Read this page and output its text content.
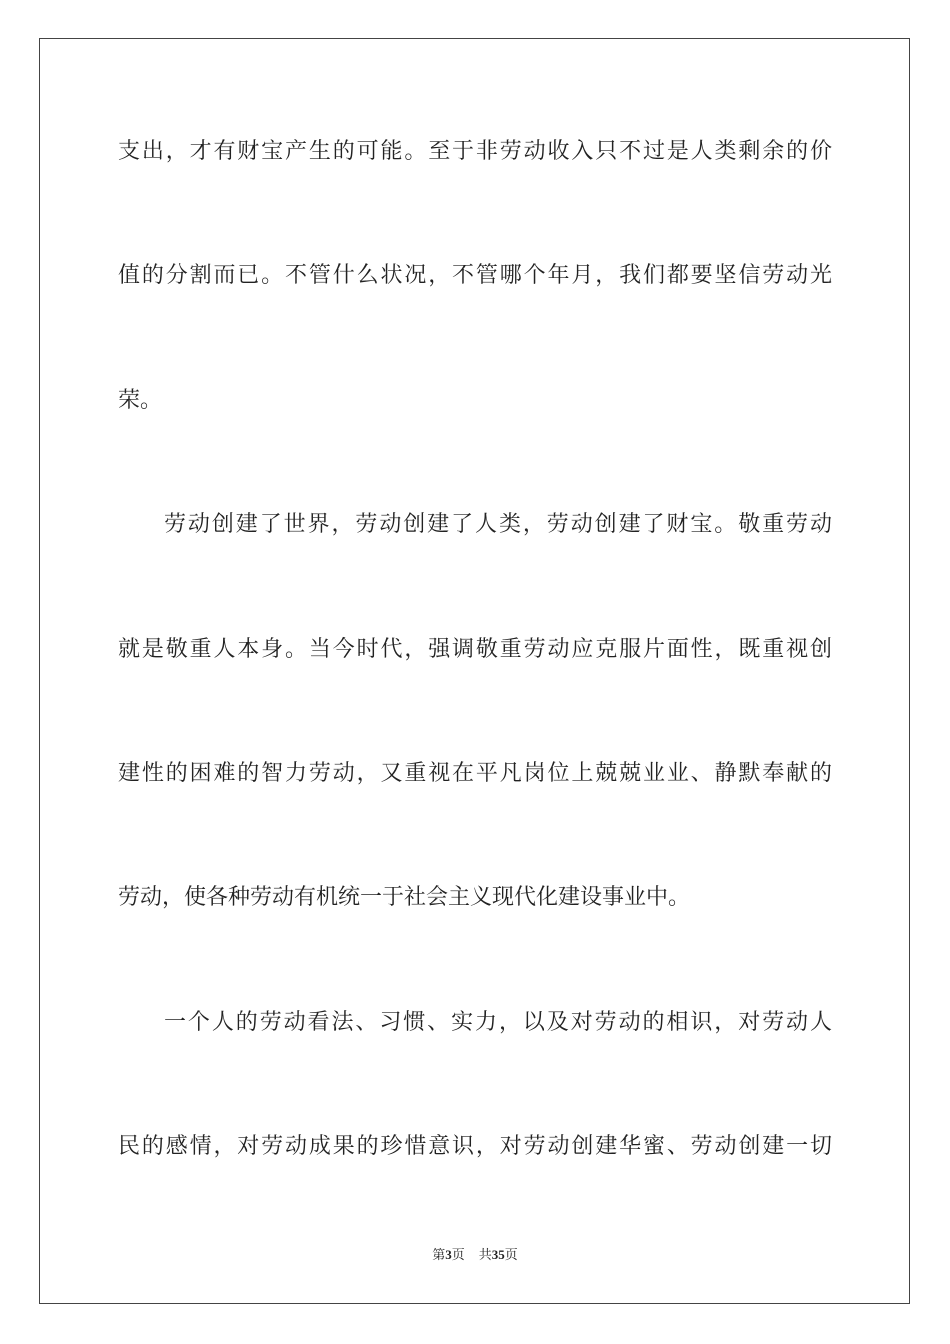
支出，才有财宝产生的可能。至于非劳动收入只不过是人类剩余的价
值的分割而已。不管什么状况，不管哪个年月，我们都要坚信劳动光
荣。
劳动创建了世界，劳动创建了人类，劳动创建了财宝。敬重劳动
就是敬重人本身。当今时代，强调敬重劳动应克服片面性，既重视创
建性的困难的智力劳动，又重视在平凡岗位上兢兢业业、静默奉献的
劳动，使各种劳动有机统一于社会主义现代化建设事业中。
一个人的劳动看法、习惯、实力，以及对劳动的相识，对劳动人
民的感情，对劳动成果的珍惜意识，对劳动创建华蜜、劳动创建一切
第3页 共35页
